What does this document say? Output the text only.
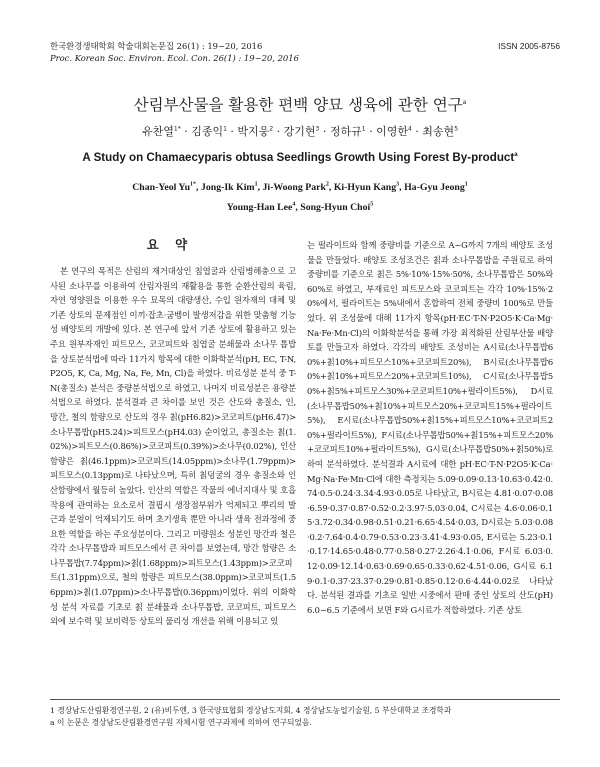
한국환경생태학회 학술대회논문집 26(1) : 19~20, 2016
Proc. Korean Soc. Environ. Ecol. Con. 26(1) : 19~20, 2016
ISSN 2005-8756
산림부산물을 활용한 편백 양묘 생육에 관한 연구$^a$
유찬열$^{1*}$ · 김종익$^1$ · 박지웅$^2$ · 강기현$^3$ · 정하규$^1$ · 이영한$^4$ · 최송현$^5$
A Study on Chamaecyparis obtusa Seedlings Growth Using Forest By-product$^a$
Chan-Yeol $Yu^{1*}$, Jong-Ik Kim$^1$, Ji-Woong Park$^2$, Ki-Hyun Kang$^3$, Ha-Gyu Jeong$^1$
Young-Han Lee$^4$, Song-Hyun Choi$^5$
요 약

본 연구의 목적은 산림의 재거대상인 침엽굴과 산림병해충으로 고사된 소나무를 이용하여 산림자원의 재활용을 통한 순환산림의 육림, 자연 영양원을 이용한 우수 묘목의 대량생산, 수입 원자재의 대체 및 기존 상토의 문제점인 이끼·잡초·굼벵이 발생저감을 위한 맞춤형 기능성 배양토의 개발에 있다. 본 연구에 앞서 기존 상토에 활용하고 있는 주요 원부자재인 피트모스, 코코피트와 침엽굴 분쇄물과 소나무 톱밥을 상토분석법에 따라 11가지 항목에 대한 이화학분석(pH, EC, T-N, P2O5, K, Ca, Mg, Na, Fe, Mn, Cl)을 하였다. 비료성분 분석 중 T-N(총질소) 분석은 중량분석법으로 하였고, 나머지 비료성분은 용량분석법으로 하였다. 분석결과 큰 차이를 보인 것은 산도와 총질소, 인, 망간, 철의 함량으로 산도의 경우 칡(pH6.82)>코코피트(pH6.47)>소나무톱밥(pH5.24)>피트모스(pH4.03) 순이었고, 총질소는 칡(1.02%)>피트모스(0.86%)>코코피트(0.39%)>소나무(0.02%), 인산 함량은 칡(46.1ppm)>코코피트(14.05ppm)>소나무(1.79ppm)>피트모스(0.13ppm)로 나타났으며, 특히 칡덩굴의 경우 총질소와 인산함량에서 월등히 높았다. 인산의 역할은 작물의 에너지대사 및 호흡작용에 관여하는 요소로서 결핍시 생장점부위가 억제되고 뿌리의 발근과 분얼이 억제되기도 하며 초기생육 뿐만 아니라 생육 전과정에 중요한 역할을 하는 주요성분이다. 그리고 미량원소 성분인 망간과 철은 각각 소나무톱밥과 피트모스에서 큰 차이를 보였는데, 망간 함량은 소나무톱밥(7.74ppm)>칡(1.68ppm)>피트모스(1.43ppm)>코코피트(1.31ppm)으로, 철의 함량은 피트모스(38.0ppm)>코코피트(1.56ppm)>칡(1.07ppm)>소나무톱밥(0.36ppm)이었다. 위의 이화학성 분석 자료를 기초로 칡 분쇄물과 소나무톱밥, 코코피트, 피트모스 외에 보수력 및 보비력등 상토의 물리성 개선을 위해 이용되고 있

는 펄라이트와 함께 중량비를 기준으로 A~G까지 7개의 배양토 조성물을 만들었다. 배양토 조성조건은 칡과 소나무톱밥을 주원료로 하여 중량비를 기준으로 칡은 5%·10%·15%·50%, 소나무톱밥은 50%와 60%로 하였고, 부재료인 피트모스와 코코피트는 각각 10%·15%·20%에서, 펄라이트는 5%내에서 혼합하여 전체 중량비 100%로 만들었다. 위 조성물에 대해 11가지 항목(pH·EC·T-N·P2O5·K·Ca·Mg·Na·Fe·Mn·Cl)의 이화학분석을 통해 가장 최적화된 산림부산물 배양토를 만들고자 하였다. 각각의 배양토 조성비는 A시료(소나무톱밥60%+칡10%+피트모스10%+코코피트20%), B시료(소나무톱밥60%+칡10%+피트모스20%+코코피트10%), C시료(소나무톱밥50%+칡5%+피트모스30%+코코피트10%+펄라이트5%), D시료(소나무톱밥50%+칡10%+피트모스20%+코코피트15%+펄라이트5%), E시료(소나무톱밥50%+칡15%+피트모스10%+코코피트20%+펄라이트5%), F시료(소나무톱밥50%+칡15%+피트모스20%+코코피트10%+펄라이트5%), G시료(소나무톱밥50%+칡50%)로 하여 분석하였다. 분석결과 A시료에 대한 pH·EC·T-N·P2O5·K·Ca·Mg·Na·Fe·Mn·Cl에 대한 측정치는 5.09·0.09·0.13·10.63·0.42·0.74·0.5·0.24·3.34·4.93·0.05로 나타났고, B시료는 4.81·0.07·0.08·6.59·0.37·0.87·0.52·0.2·3.97·5.03·0.04, C시료는 4.6·0.06·0.15·3.72·0.34·0.98·0.51·0.21·6.65·4.54·0.03, D시료는 5.03·0.08·0.2·7.64·0.4·0.79·0.53·0.23·3.41·4.93·0.05, E시료는 5.23·0.1·0.17·14.65·0.48·0.77·0.58·0.27·2.26·4.1·0.06, F시료 6.03·0.12·0.09·12.14·0.63·0.69·0.65·0.33·0.62·4.51·0.06, G시료 6.19·0.1·0.37·23.37·0.29·0.81·0.85·0.12·0.6·4.44·0.02로 나타났다. 분석된 결과를 기초로 일반 시중에서 판매 중인 상토의 산도(pH) 6.0~6.5 기준에서 보면 F와 G시료가 적합하였다. 기존 상토

1 경상남도산림환경연구원, 2 (유)비두엔, 3 한국양묘협회 경상남도지회, 4 경상남도농업기술원, 5 부산대학교 조경학과
a 이 논문은 경상남도산림환경연구원 자체시험 연구과제에 의하여 연구되었음.
